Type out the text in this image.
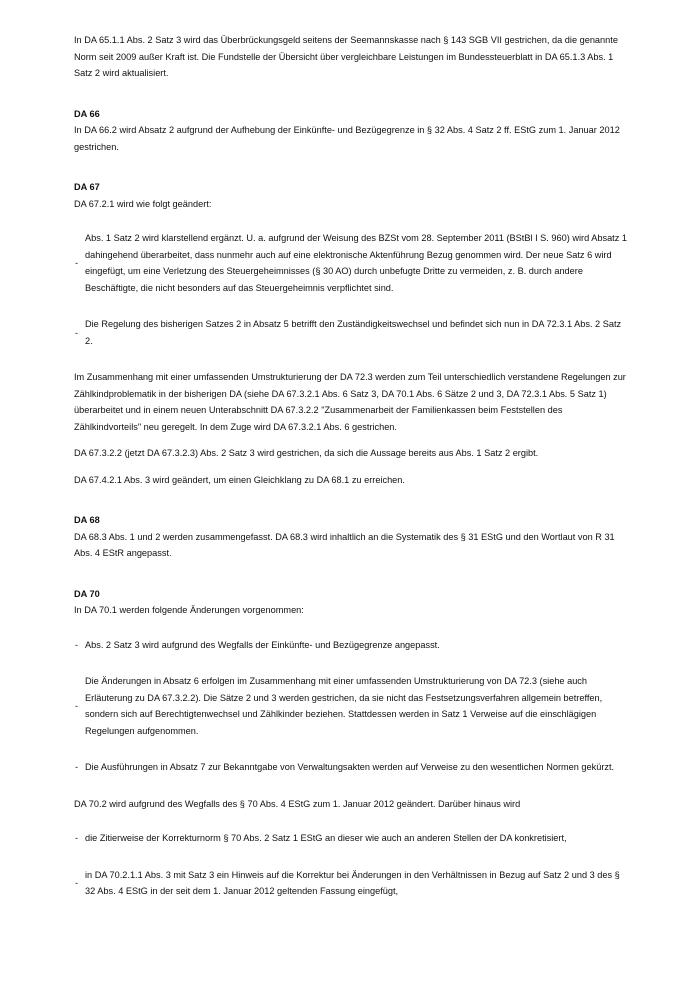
In DA 65.1.1 Abs. 2 Satz 3 wird das Überbrückungsgeld seitens der Seemannskasse nach § 143 SGB VII gestrichen, da die genannte Norm seit 2009 außer Kraft ist. Die Fundstelle der Übersicht über vergleichbare Leistungen im Bundessteuerblatt in DA 65.1.3 Abs. 1 Satz 2 wird aktualisiert.

DA 66

In DA 66.2 wird Absatz 2 aufgrund der Aufhebung der Einkünfte- und Bezügegrenze in § 32 Abs. 4 Satz 2 ff. EStG zum 1. Januar 2012 gestrichen.

DA 67

DA 67.2.1 wird wie folgt geändert:

-
Abs. 1 Satz 2 wird klarstellend ergänzt. U. a. aufgrund der Weisung des BZSt vom 28. September 2011 (BStBl I S. 960) wird Absatz 1 dahingehend überarbeitet, dass nunmehr auch auf eine elektronische Aktenführung Bezug genommen wird. Der neue Satz 6 wird eingefügt, um eine Verletzung des Steuergeheimnisses (§ 30 AO) durch unbefugte Dritte zu vermeiden, z. B. durch andere Beschäftigte, die nicht besonders auf das Steuergeheimnis verpflichtet sind.
-
Die Regelung des bisherigen Satzes 2 in Absatz 5 betrifft den Zuständigkeitswechsel und befindet sich nun in DA 72.3.1 Abs. 2 Satz 2.

Im Zusammenhang mit einer umfassenden Umstrukturierung der DA 72.3 werden zum Teil unterschiedlich verstandene Regelungen zur Zählkindproblematik in der bisherigen DA (siehe DA 67.3.2.1 Abs. 6 Satz 3, DA 70.1 Abs. 6 Sätze 2 und 3, DA 72.3.1 Abs. 5 Satz 1) überarbeitet und in einem neuen Unterabschnitt DA 67.3.2.2 "Zusammenarbeit der Familienkassen beim Feststellen des Zählkindvorteils" neu geregelt. In dem Zuge wird DA 67.3.2.1 Abs. 6 gestrichen.

DA 67.3.2.2 (jetzt DA 67.3.2.3) Abs. 2 Satz 3 wird gestrichen, da sich die Aussage bereits aus Abs. 1 Satz 2 ergibt.

DA 67.4.2.1 Abs. 3 wird geändert, um einen Gleichklang zu DA 68.1 zu erreichen.

DA 68

DA 68.3 Abs. 1 und 2 werden zusammengefasst. DA 68.3 wird inhaltlich an die Systematik des § 31 EStG und den Wortlaut von R 31 Abs. 4 EStR angepasst.

DA 70

In DA 70.1 werden folgende Änderungen vorgenommen:

- Abs. 2 Satz 3 wird aufgrund des Wegfalls der Einkünfte- und Bezügegrenze angepasst.
-
Die Änderungen in Absatz 6 erfolgen im Zusammenhang mit einer umfassenden Umstrukturierung von DA 72.3 (siehe auch Erläuterung zu DA 67.3.2.2). Die Sätze 2 und 3 werden gestrichen, da sie nicht das Festsetzungsverfahren allgemein betreffen, sondern sich auf Berechtigtenwechsel und Zählkinder beziehen. Stattdessen werden in Satz 1 Verweise auf die einschlägigen Regelungen aufgenommen.
- Die Ausführungen in Absatz 7 zur Bekanntgabe von Verwaltungsakten werden auf Verweise zu den wesentlichen Normen gekürzt.

DA 70.2 wird aufgrund des Wegfalls des § 70 Abs. 4 EStG zum 1. Januar 2012 geändert. Darüber hinaus wird

- die Zitierweise der Korrekturnorm § 70 Abs. 2 Satz 1 EStG an dieser wie auch an anderen Stellen der DA konkretisiert,
-
in DA 70.2.1.1 Abs. 3 mit Satz 3 ein Hinweis auf die Korrektur bei Änderungen in den Verhältnissen in Bezug auf Satz 2 und 3 des § 32 Abs. 4 EStG in der seit dem 1. Januar 2012 geltenden Fassung eingefügt,
